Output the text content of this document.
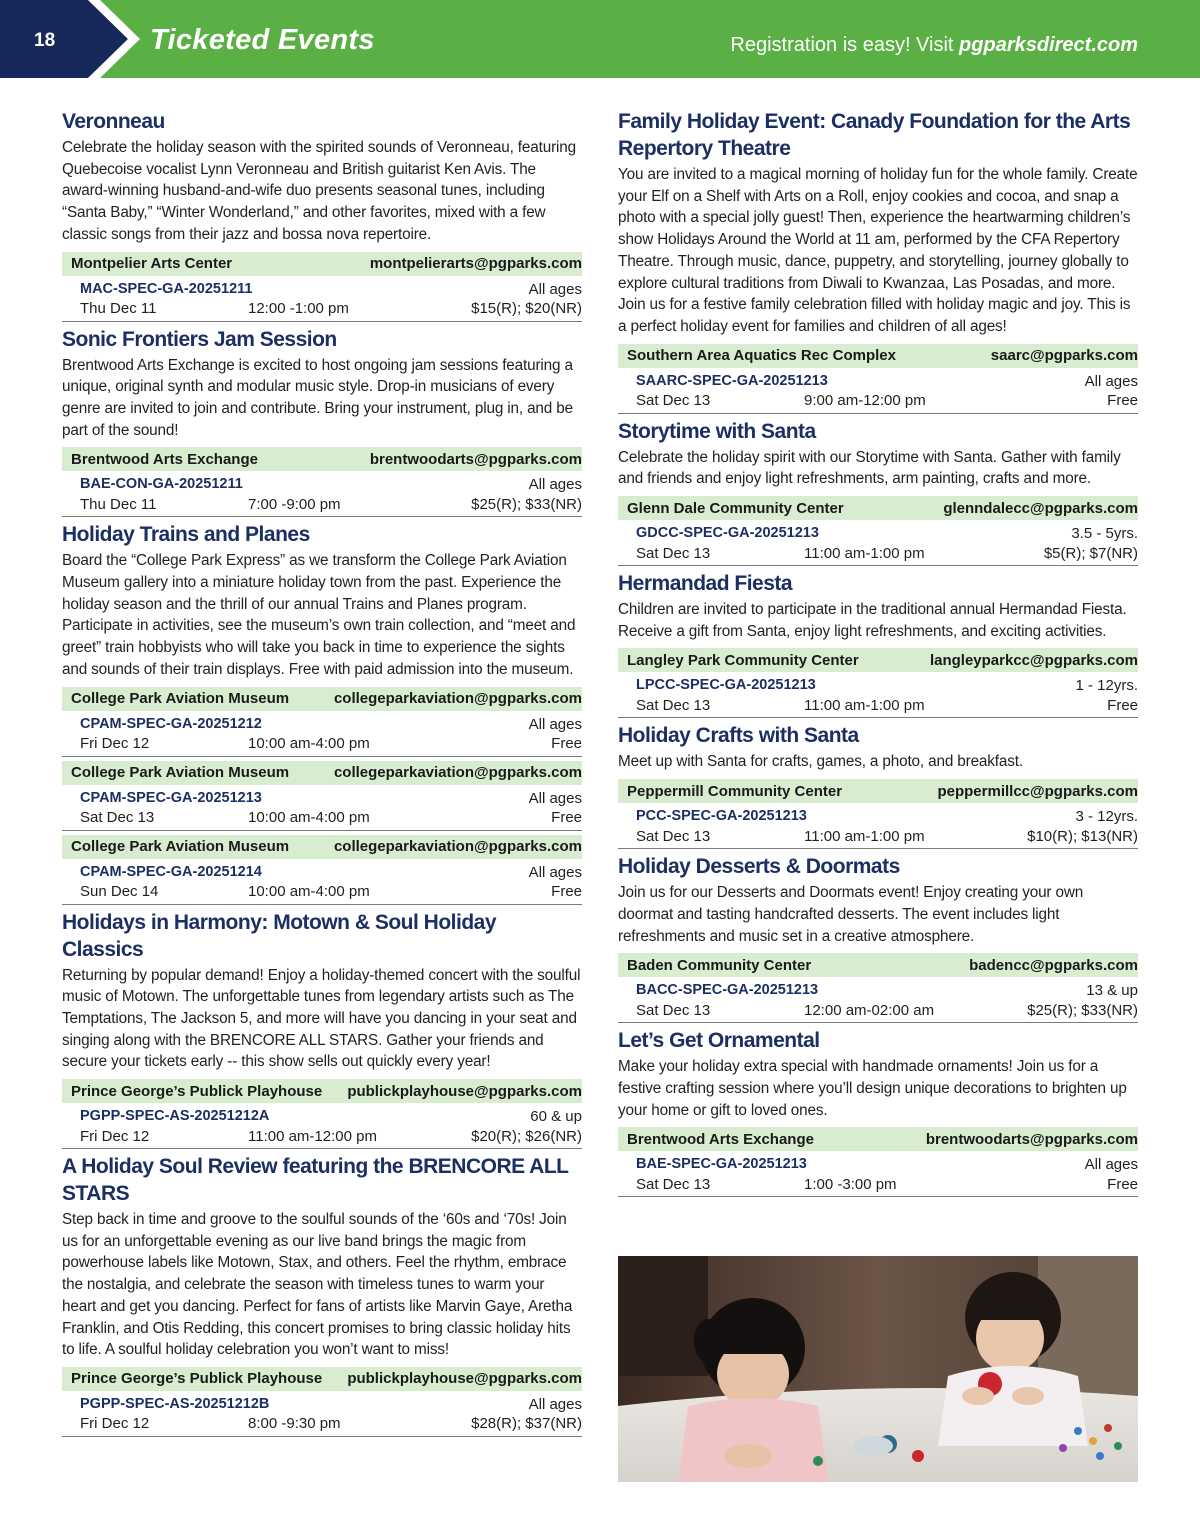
18	Ticketed Events	Registration is easy! Visit pgparksdirect.com
Veronneau
Celebrate the holiday season with the spirited sounds of Veronneau, featuring Quebecoise vocalist Lynn Veronneau and British guitarist Ken Avis. The award-winning husband-and-wife duo presents seasonal tunes, including “Santa Baby,” “Winter Wonderland,” and other favorites, mixed with a few classic songs from their jazz and bossa nova repertoire.
Montpelier Arts Center	montpelierarts@pgparks.com
MAC-SPEC-GA-20251211	All ages
Thu Dec 11	12:00 -1:00 pm	$15(R); $20(NR)
Sonic Frontiers Jam Session
Brentwood Arts Exchange is excited to host ongoing jam sessions featuring a unique, original synth and modular music style. Drop-in musicians of every genre are invited to join and contribute. Bring your instrument, plug in, and be part of the sound!
Brentwood Arts Exchange	brentwoodarts@pgparks.com
BAE-CON-GA-20251211	All ages
Thu Dec 11	7:00 -9:00 pm	$25(R); $33(NR)
Holiday Trains and Planes
Board the “College Park Express” as we transform the College Park Aviation Museum gallery into a miniature holiday town from the past. Experience the holiday season and the thrill of our annual Trains and Planes program. Participate in activities, see the museum’s own train collection, and “meet and greet” train hobbyists who will take you back in time to experience the sights and sounds of their train displays. Free with paid admission into the museum.
College Park Aviation Museum	collegeparkaviation@pgparks.com
CPAM-SPEC-GA-20251212	All ages
Fri Dec 12	10:00 am-4:00 pm	Free
College Park Aviation Museum	collegeparkaviation@pgparks.com
CPAM-SPEC-GA-20251213	All ages
Sat Dec 13	10:00 am-4:00 pm	Free
College Park Aviation Museum	collegeparkaviation@pgparks.com
CPAM-SPEC-GA-20251214	All ages
Sun Dec 14	10:00 am-4:00 pm	Free
Holidays in Harmony: Motown & Soul Holiday Classics
Returning by popular demand! Enjoy a holiday-themed concert with the soulful music of Motown. The unforgettable tunes from legendary artists such as The Temptations, The Jackson 5, and more will have you dancing in your seat and singing along with the BRENCORE ALL STARS. Gather your friends and secure your tickets early -- this show sells out quickly every year!
Prince George’s Publick Playhouse publickplayhouse@pgparks.com
PGPP-SPEC-AS-20251212A	60 & up
Fri Dec 12	11:00 am-12:00 pm	$20(R); $26(NR)
A Holiday Soul Review featuring the BRENCORE ALL STARS
Step back in time and groove to the soulful sounds of the ‘60s and ‘70s! Join us for an unforgettable evening as our live band brings the magic from powerhouse labels like Motown, Stax, and others. Feel the rhythm, embrace the nostalgia, and celebrate the season with timeless tunes to warm your heart and get you dancing. Perfect for fans of artists like Marvin Gaye, Aretha Franklin, and Otis Redding, this concert promises to bring classic holiday hits to life. A soulful holiday celebration you won’t want to miss!
Prince George’s Publick Playhouse publickplayhouse@pgparks.com
PGPP-SPEC-AS-20251212B	All ages
Fri Dec 12	8:00 -9:30 pm	$28(R); $37(NR)
Family Holiday Event: Canady Foundation for the Arts Repertory Theatre
You are invited to a magical morning of holiday fun for the whole family. Create your Elf on a Shelf with Arts on a Roll, enjoy cookies and cocoa, and snap a photo with a special jolly guest! Then, experience the heartwarming children’s show Holidays Around the World at 11 am, performed by the CFA Repertory Theatre. Through music, dance, puppetry, and storytelling, journey globally to explore cultural traditions from Diwali to Kwanzaa, Las Posadas, and more. Join us for a festive family celebration filled with holiday magic and joy. This is a perfect holiday event for families and children of all ages!
Southern Area Aquatics Rec Complex	saarc@pgparks.com
SAARC-SPEC-GA-20251213	All ages
Sat Dec 13	9:00 am-12:00 pm	Free
Storytime with Santa
Celebrate the holiday spirit with our Storytime with Santa. Gather with family and friends and enjoy light refreshments, arm painting, crafts and more.
Glenn Dale Community Center	glenndalecc@pgparks.com
GDCC-SPEC-GA-20251213	3.5 - 5yrs.
Sat Dec 13	11:00 am-1:00 pm	$5(R); $7(NR)
Hermandad Fiesta
Children are invited to participate in the traditional annual Hermandad Fiesta. Receive a gift from Santa, enjoy light refreshments, and exciting activities.
Langley Park Community Center	langleyparkcc@pgparks.com
LPCC-SPEC-GA-20251213	1 - 12yrs.
Sat Dec 13	11:00 am-1:00 pm	Free
Holiday Crafts with Santa
Meet up with Santa for crafts, games, a photo, and breakfast.
Peppermill Community Center	peppermillcc@pgparks.com
PCC-SPEC-GA-20251213	3 - 12yrs.
Sat Dec 13	11:00 am-1:00 pm	$10(R); $13(NR)
Holiday Desserts & Doormats
Join us for our Desserts and Doormats event! Enjoy creating your own doormat and tasting handcrafted desserts. The event includes light refreshments and music set in a creative atmosphere.
Baden Community Center	badencc@pgparks.com
BACC-SPEC-GA-20251213	13 & up
Sat Dec 13	12:00 am-02:00 am	$25(R); $33(NR)
Let’s Get Ornamental
Make your holiday extra special with handmade ornaments! Join us for a festive crafting session where you’ll design unique decorations to brighten up your home or gift to loved ones.
Brentwood Arts Exchange	brentwoodarts@pgparks.com
BAE-SPEC-GA-20251213	All ages
Sat Dec 13	1:00 -3:00 pm	Free
